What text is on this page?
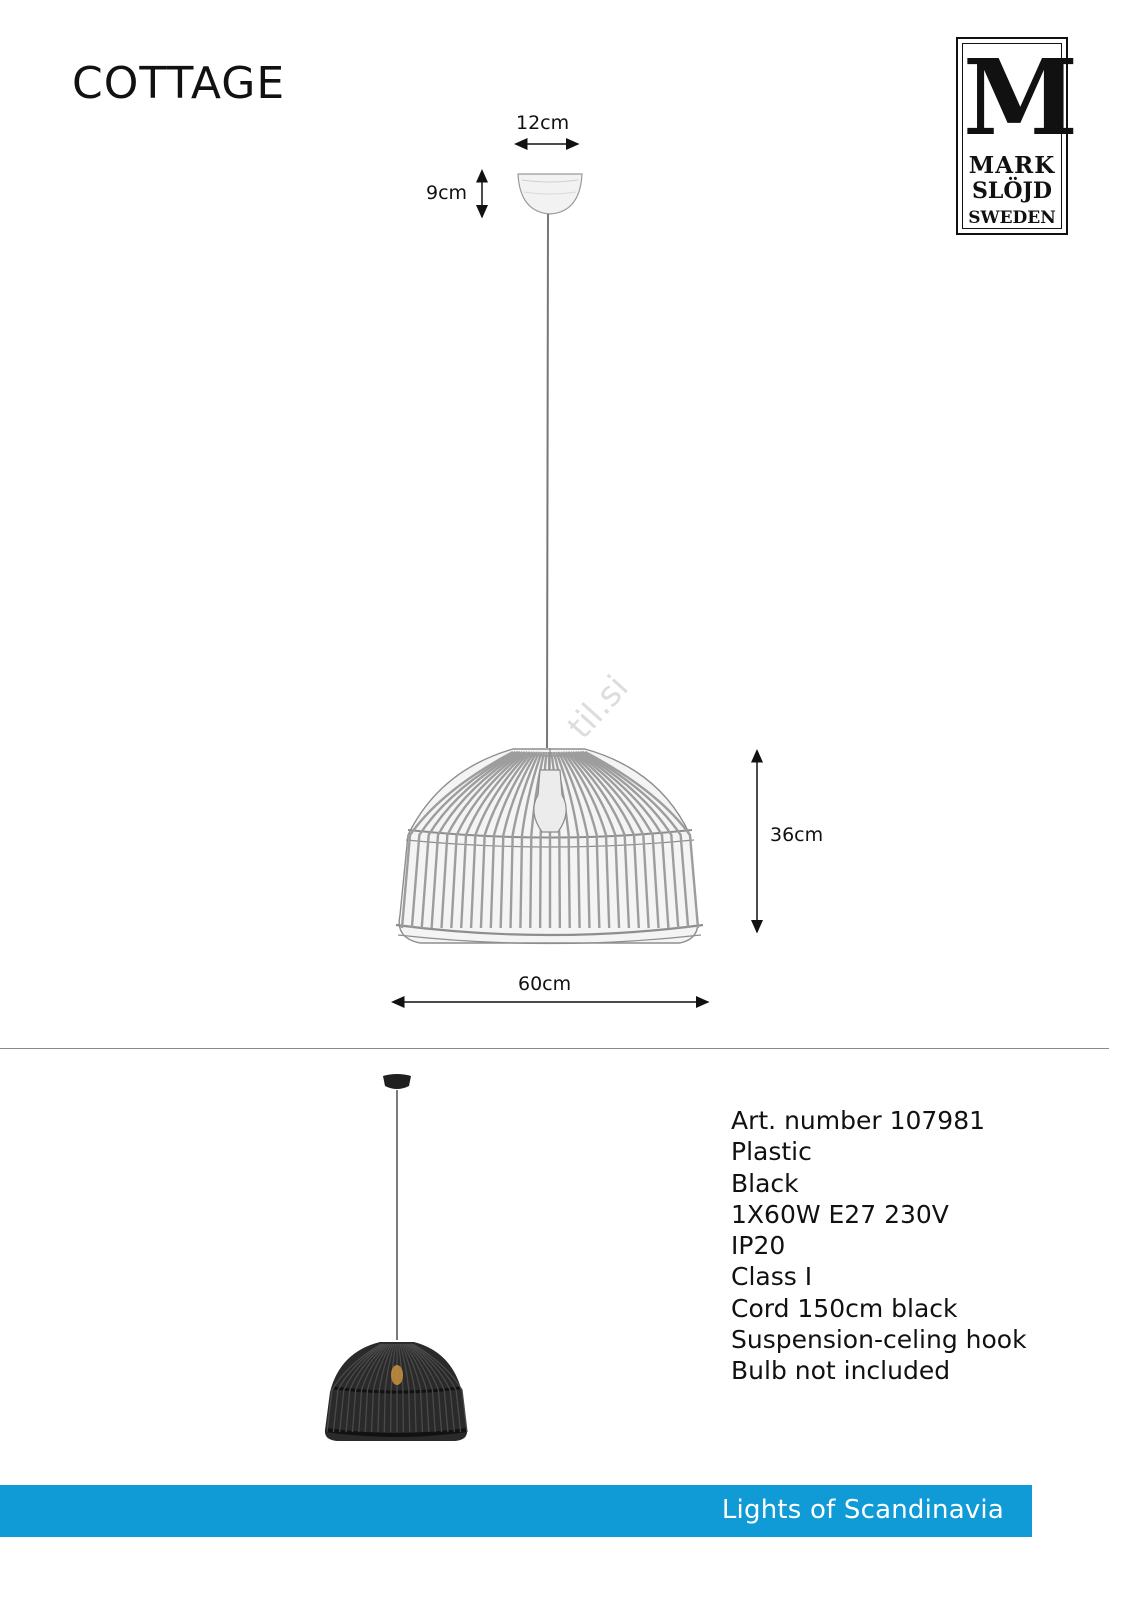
COTTAGE	M
MARK
SLÖJD
SWEDEN
12cm
9cm
36cm
60cm
til.si
Art. number 107981
Plastic
Black
1X60W E27 230V
IP20
Class I
Cord 150cm black
Suspension-celing hook
Bulb not included
Lights of Scandinavia
